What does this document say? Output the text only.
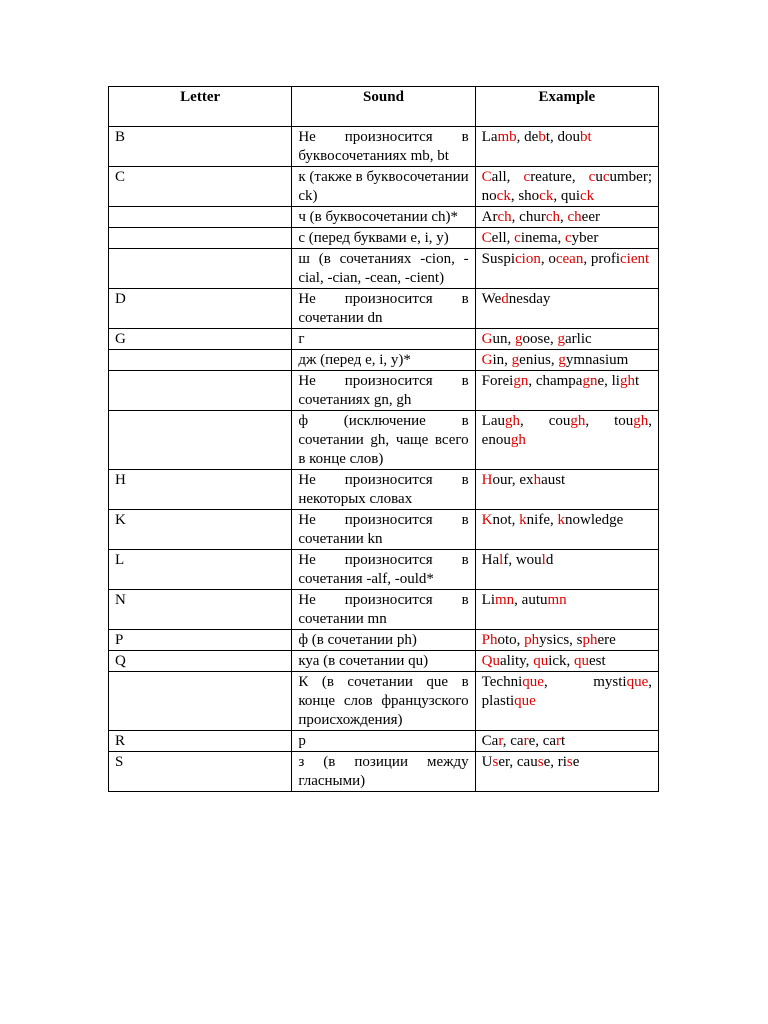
Letter	Sound	Example
B	Не произносится в буквосочетаниях mb, bt	Lamb, debt, doubt
C	к (также в буквосочетании ck)	Call, creature, cucumber; nock, shock, quick
	ч (в буквосочетании ch)*	Arch, church, cheer
	с (перед буквами e, i, y)	Cell, cinema, cyber
	ш (в сочетаниях -cion, -cial, -cian, -cean, -cient)	Suspicion, ocean, proficient
D	Не произносится в сочетании dn	Wednesday
G	г	Gun, goose, garlic
	дж (перед e, i, y)*	Gin, genius, gymnasium
	Не произносится в сочетаниях gn, gh	Foreign, champagne, light
	ф (исключение в сочетании gh, чаще всего в конце слов)	Laugh, cough, tough, enough
H	Не произносится в некоторых словах	Hour, exhaust
K	Не произносится в сочетании kn	Knot, knife, knowledge
L	Не произносится в сочетания -alf, -ould*	Half, would
N	Не произносится в сочетании mn	Limn, autumn
P	ф (в сочетании ph)	Photo, physics, sphere
Q	куа (в сочетании qu)	Quality, quick, quest
	К (в сочетании que в конце слов французского происхождения)	Technique, mystique, plastique
R	р	Car, care, cart
S	з (в позиции между гласными)	User, cause, rise
